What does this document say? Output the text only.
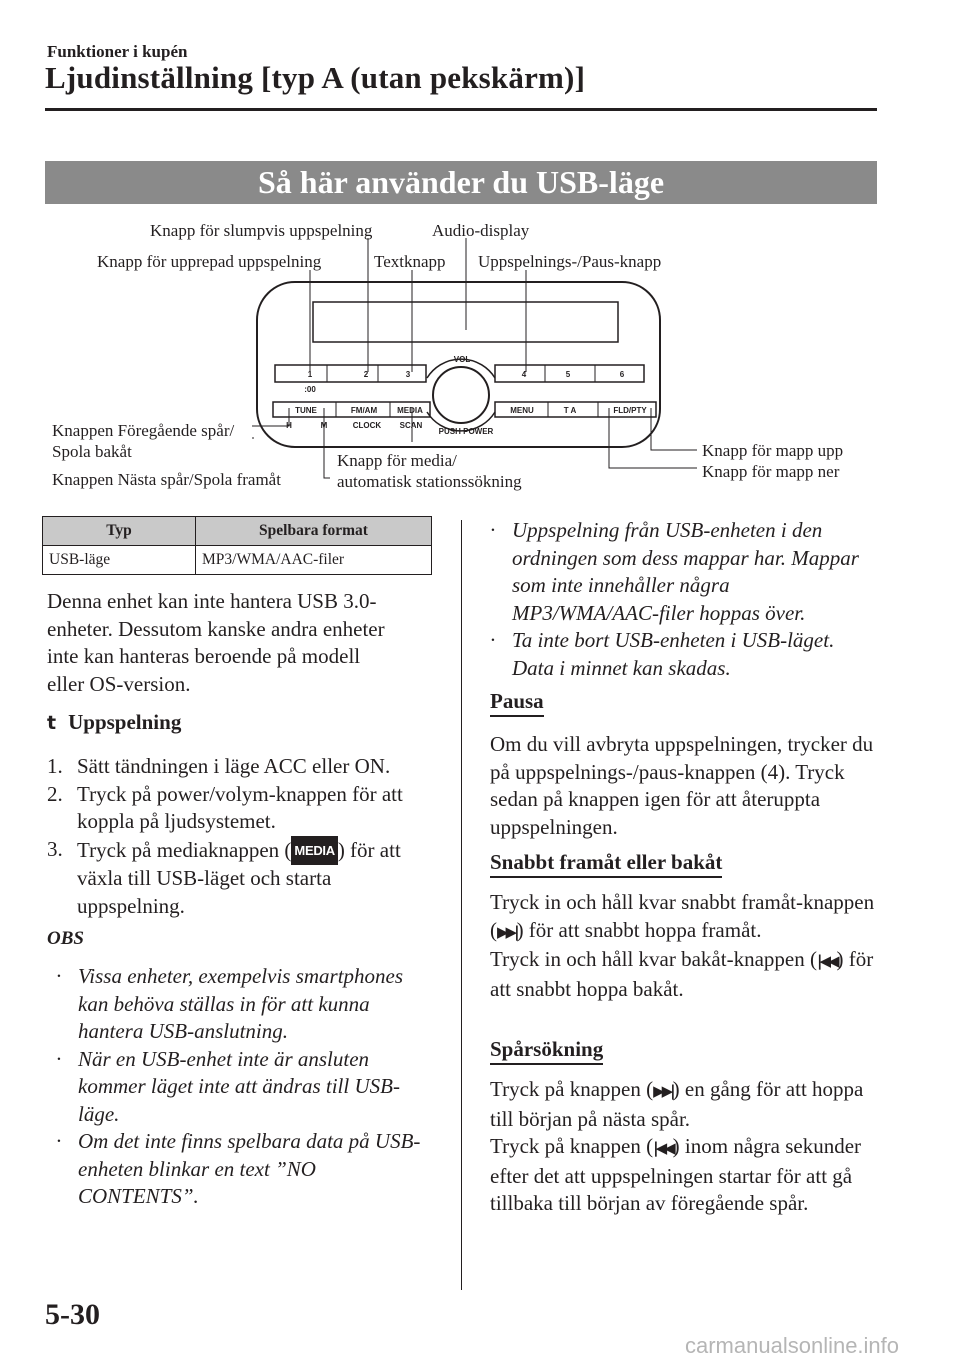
Funktioner i kupén
Ljudinställning [typ A (utan pekskärm)]
Så här använder du USB-läge
1	2	3	4	5	6
:00
VOL
TUNE	FM/AM	MEDIA	MENU	T A	FLD/PTY
H	M	CLOCK SCAN
PUSH POWER
Knapp för slumpvis uppspelning	Audio-display
Knapp för upprepad uppspelning	Textknapp Uppspelnings-/Paus-knapp
Knappen Föregående spår/
Spola bakåt
Knappen Nästa spår/Spola framåt
Knapp för media/
automatisk stationssökning
Knapp för mapp upp
Knapp för mapp ner
Typ	Spelbara format
USB-läge	MP3/WMA/AAC-filer
Denna enhet kan inte hantera USB 3.0-enheter. Dessutom kanske andra enheter inte kan hanteras beroende på modell eller OS-version.
t Uppspelning
1. Sätt tändningen i läge ACC eller ON.
2. Tryck på power/volym-knappen för att koppla på ljudsystemet.
3. Tryck på mediaknappen ( MEDIA ) för att växla till USB-läget och starta uppspelning.
OBS
· Vissa enheter, exempelvis smartphones kan behöva ställas in för att kunna hantera USB-anslutning.
· När en USB-enhet inte är ansluten kommer läget inte att ändras till USB-läge.
· Om det inte finns spelbara data på USB-enheten blinkar en text ”NO CONTENTS”.
· Uppspelning från USB-enheten i den ordningen som dess mappar har. Mappar som inte innehåller några MP3/WMA/AAC-filer hoppas över.
· Ta inte bort USB-enheten i USB-läget. Data i minnet kan skadas.
Pausa
Om du vill avbryta uppspelningen, trycker du på uppspelnings-/paus-knappen (4). Tryck sedan på knappen igen för att återuppta uppspelningen.
Snabbt framåt eller bakåt
Tryck in och håll kvar snabbt framåt-knappen (▶▶|) för att snabbt hoppa framåt.
Tryck in och håll kvar bakåt-knappen (|◀◀) för att snabbt hoppa bakåt.
Spårsökning
Tryck på knappen (▶▶|) en gång för att hoppa till början på nästa spår.
Tryck på knappen (|◀◀) inom några sekunder efter det att uppspelningen startar för att gå tillbaka till början av föregående spår.
5-30
carmanualsonline.info
